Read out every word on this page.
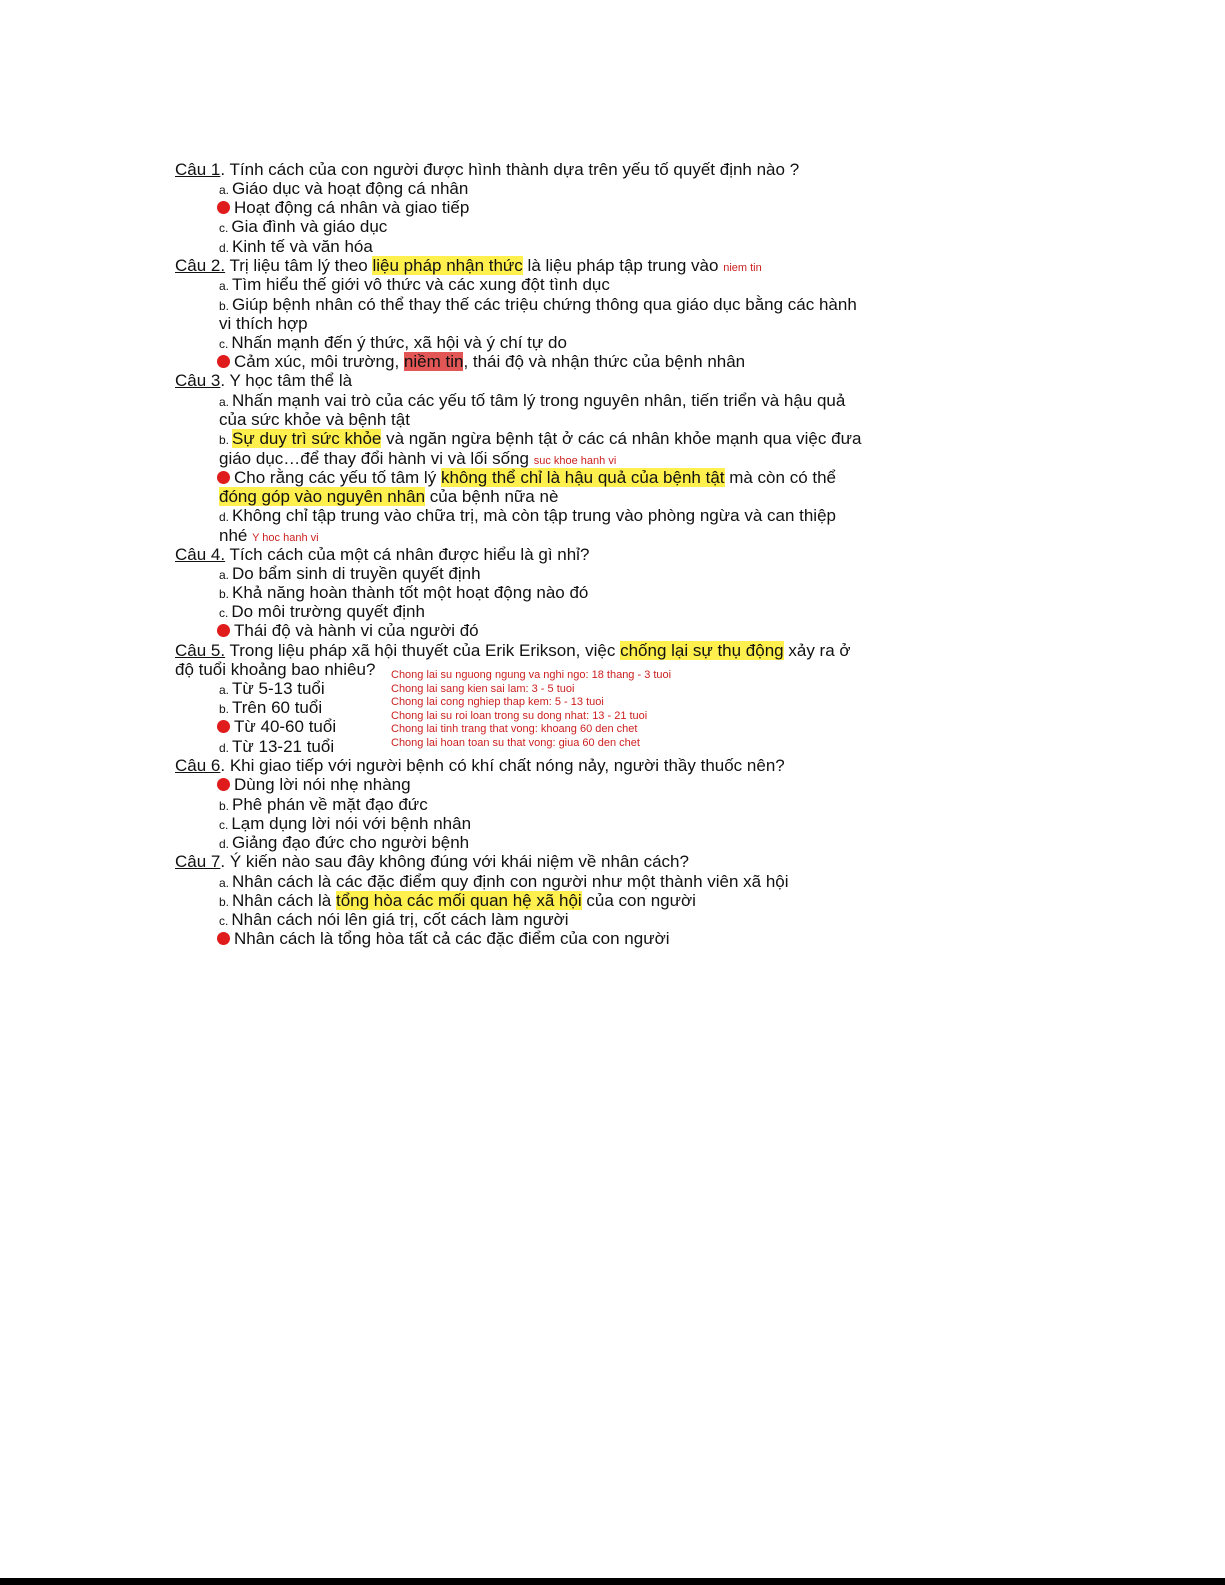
Câu 1. Tính cách của con người được hình thành dựa trên yếu tố quyết định nào ?
a. Giáo dục và hoạt động cá nhân
Hoạt động cá nhân và giao tiếp
c. Gia đình và giáo dục
d. Kinh tế và văn hóa
Câu 2. Trị liệu tâm lý theo liệu pháp nhận thức là liệu pháp tập trung vào niem tin
a. Tìm hiểu thế giới vô thức và các xung đột tình dục
b. Giúp bệnh nhân có thể thay thế các triệu chứng thông qua giáo dục bằng các hành
vi thích hợp
c. Nhấn mạnh đến ý thức, xã hội và ý chí tự do
Cảm xúc, môi trường, niềm tin, thái độ và nhận thức của bệnh nhân
Câu 3. Y học tâm thể là
a. Nhấn mạnh vai trò của các yếu tố tâm lý trong nguyên nhân, tiến triển và hậu quả
của sức khỏe và bệnh tật
b. Sự duy trì sức khỏe và ngăn ngừa bệnh tật ở các cá nhân khỏe mạnh qua việc đưa
giáo dục…để thay đổi hành vi và lối sống suc khoe hanh vi
Cho rằng các yếu tố tâm lý không thể chỉ là hậu quả của bệnh tật mà còn có thể
đóng góp vào nguyên nhân của bệnh nữa nè
d. Không chỉ tập trung vào chữa trị, mà còn tập trung vào phòng ngừa và can thiệp
nhé Y hoc hanh vi
Câu 4. Tích cách của một cá nhân được hiểu là gì nhỉ?
a. Do bẩm sinh di truyền quyết định
b. Khả năng hoàn thành tốt một hoạt động nào đó
c. Do môi trường quyết định
Thái độ và hành vi của người đó
Câu 5. Trong liệu pháp xã hội thuyết của Erik Erikson, việc chống lại sự thụ động xảy ra ở
độ tuổi khoảng bao nhiêu? Chong lai su nguong ngung va nghi ngo: 18 thang - 3 tuoi
Chong lai sang kien sai lam: 3 - 5 tuoi
Chong lai cong nghiep thap kem: 5 - 13 tuoi
Chong lai su roi loan trong su dong nhat: 13 - 21 tuoi
Chong lai tinh trang that vong: khoang 60 den chet
Chong lai hoan toan su that vong: giua 60 den chet
a. Từ 5-13 tuổi
b. Trên 60 tuổi
Từ 40-60 tuổi
d. Từ 13-21 tuổi
Câu 6. Khi giao tiếp với người bệnh có khí chất nóng nảy, người thầy thuốc nên?
Dùng lời nói nhẹ nhàng
b. Phê phán về mặt đạo đức
c. Lạm dụng lời nói với bệnh nhân
d. Giảng đạo đức cho người bệnh
Câu 7. Ý kiến nào sau đây không đúng với khái niệm về nhân cách?
a. Nhân cách là các đặc điểm quy định con người như một thành viên xã hội
b. Nhân cách là tổng hòa các mối quan hệ xã hội của con người
c. Nhân cách nói lên giá trị, cốt cách làm người
Nhân cách là tổng hòa tất cả các đặc điểm của con người
